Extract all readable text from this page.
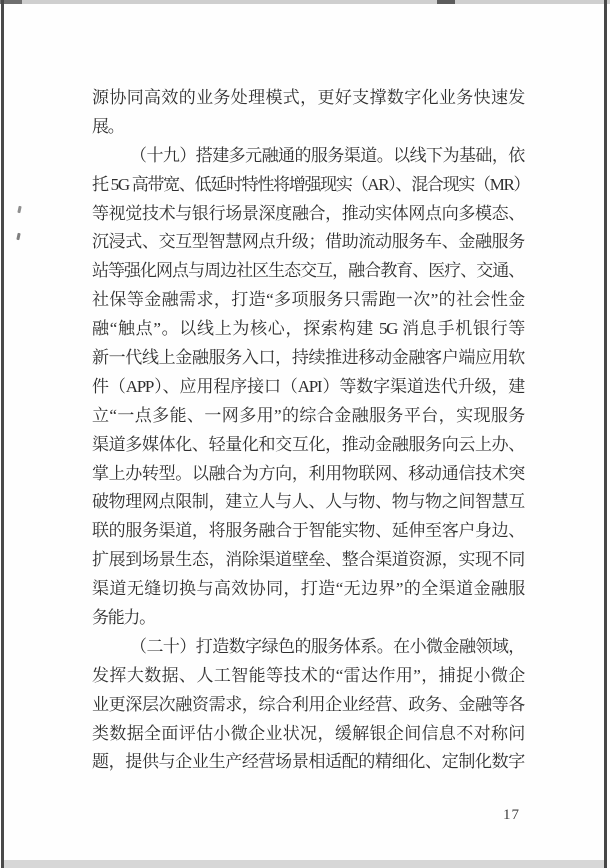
源协同高效的业务处理模式，更好支撑数字化业务快速发
展。
（十九）搭建多元融通的服务渠道。以线下为基础，依
托 5G 高带宽、低延时特性将增强现实（AR）、混合现实（MR）
等视觉技术与银行场景深度融合，推动实体网点向多模态、
沉浸式、交互型智慧网点升级；借助流动服务车、金融服务
站等强化网点与周边社区生态交互，融合教育、医疗、交通、
社保等金融需求，打造“多项服务只需跑一次”的社会性金
融“触点”。以线上为核心，探索构建 5G 消息手机银行等
新一代线上金融服务入口，持续推进移动金融客户端应用软
件（APP）、应用程序接口（API）等数字渠道迭代升级，建
立“一点多能、一网多用”的综合金融服务平台，实现服务
渠道多媒体化、轻量化和交互化，推动金融服务向云上办、
掌上办转型。以融合为方向，利用物联网、移动通信技术突
破物理网点限制，建立人与人、人与物、物与物之间智慧互
联的服务渠道，将服务融合于智能实物、延伸至客户身边、
扩展到场景生态，消除渠道壁垒、整合渠道资源，实现不同
渠道无缝切换与高效协同，打造“无边界”的全渠道金融服
务能力。
（二十）打造数字绿色的服务体系。在小微金融领域，
发挥大数据、人工智能等技术的“雷达作用”，捕捉小微企
业更深层次融资需求，综合利用企业经营、政务、金融等各
类数据全面评估小微企业状况，缓解银企间信息不对称问
题，提供与企业生产经营场景相适配的精细化、定制化数字
17
